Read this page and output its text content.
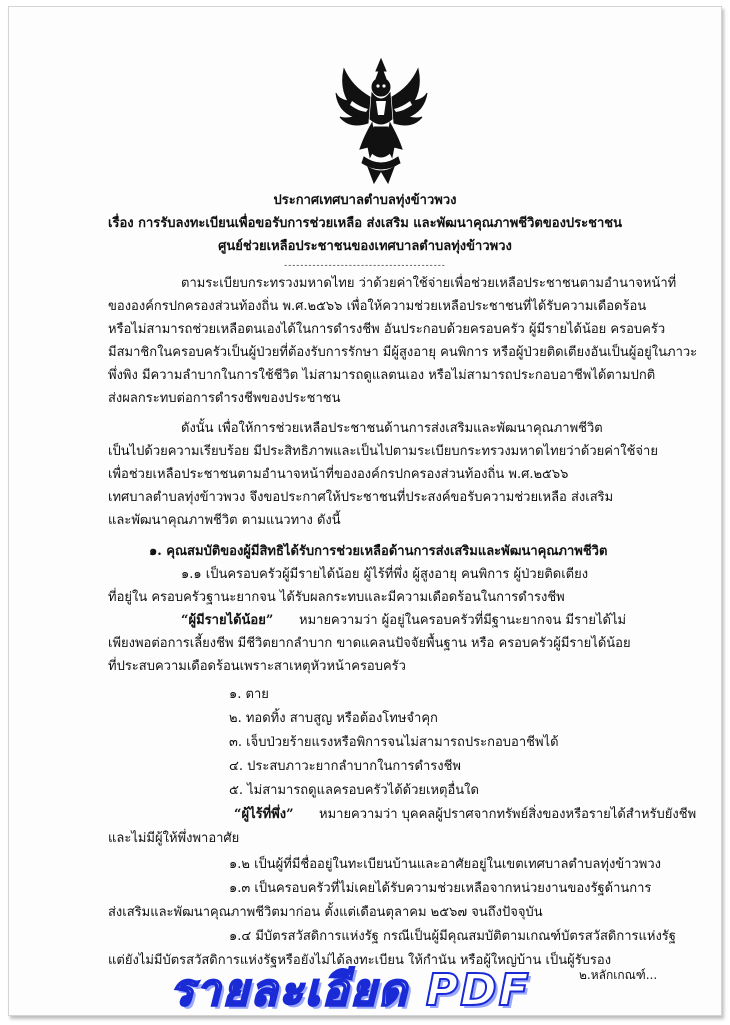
ประกาศเทศบาลตำบลทุ่งข้าวพวง
เรื่อง การรับลงทะเบียนเพื่อขอรับการช่วยเหลือ ส่งเสริม และพัฒนาคุณภาพชีวิตของประชาชน
ศูนย์ช่วยเหลือประชาชนของเทศบาลตำบลทุ่งข้าวพวง
----------------------------------------
ตามระเบียบกระทรวงมหาดไทย ว่าด้วยค่าใช้จ่ายเพื่อช่วยเหลือประชาชนตามอำนาจหน้าที่
ขององค์กรปกครองส่วนท้องถิ่น พ.ศ.๒๕๖๖ เพื่อให้ความช่วยเหลือประชาชนที่ได้รับความเดือดร้อน
หรือไม่สามารถช่วยเหลือตนเองได้ในการดำรงชีพ อันประกอบด้วยครอบครัว ผู้มีรายได้น้อย ครอบครัว
มีสมาชิกในครอบครัวเป็นผู้ป่วยที่ต้องรับการรักษา มีผู้สูงอายุ คนพิการ หรือผู้ป่วยติดเตียงอันเป็นผู้อยู่ในภาวะ
พึ่งพิง มีความลำบากในการใช้ชีวิต ไม่สามารถดูแลตนเอง หรือไม่สามารถประกอบอาชีพได้ตามปกติ
ส่งผลกระทบต่อการดำรงชีพของประชาชน
ดังนั้น เพื่อให้การช่วยเหลือประชาชนด้านการส่งเสริมและพัฒนาคุณภาพชีวิต
เป็นไปด้วยความเรียบร้อย มีประสิทธิภาพและเป็นไปตามระเบียบกระทรวงมหาดไทยว่าด้วยค่าใช้จ่าย
เพื่อช่วยเหลือประชาชนตามอำนาจหน้าที่ขององค์กรปกครองส่วนท้องถิ่น พ.ศ.๒๕๖๖
เทศบาลตำบลทุ่งข้าวพวง จึงขอประกาศให้ประชาชนที่ประสงค์ขอรับความช่วยเหลือ ส่งเสริม
และพัฒนาคุณภาพชีวิต ตามแนวทาง ดังนี้
๑. คุณสมบัติของผู้มีสิทธิได้รับการช่วยเหลือด้านการส่งเสริมและพัฒนาคุณภาพชีวิต
๑.๑ เป็นครอบครัวผู้มีรายได้น้อย ผู้ไร้ที่พึ่ง ผู้สูงอายุ คนพิการ ผู้ป่วยติดเตียง
ที่อยู่ใน ครอบครัวฐานะยากจน ได้รับผลกระทบและมีความเดือดร้อนในการดำรงชีพ
“ผู้มีรายได้น้อย” หมายความว่า ผู้อยู่ในครอบครัวที่มีฐานะยากจน มีรายได้ไม่
เพียงพอต่อการเลี้ยงชีพ มีชีวิตยากลำบาก ขาดแคลนปัจจัยพื้นฐาน หรือ ครอบครัวผู้มีรายได้น้อย
ที่ประสบความเดือดร้อนเพราะสาเหตุหัวหน้าครอบครัว
๑. ตาย
๒. ทอดทิ้ง สาบสูญ หรือต้องโทษจำคุก
๓. เจ็บป่วยร้ายแรงหรือพิการจนไม่สามารถประกอบอาชีพได้
๔. ประสบภาวะยากลำบากในการดำรงชีพ
๕. ไม่สามารถดูแลครอบครัวได้ด้วยเหตุอื่นใด
“ผู้ไร้ที่พึ่ง” หมายความว่า บุคคลผู้ปราศจากทรัพย์สิ่งของหรือรายได้สำหรับยังชีพ
และไม่มีผู้ให้พึ่งพาอาศัย
๑.๒ เป็นผู้ที่มีชื่ออยู่ในทะเบียนบ้านและอาศัยอยู่ในเขตเทศบาลตำบลทุ่งข้าวพวง
๑.๓ เป็นครอบครัวที่ไม่เคยได้รับความช่วยเหลือจากหน่วยงานของรัฐด้านการ
ส่งเสริมและพัฒนาคุณภาพชีวิตมาก่อน ตั้งแต่เดือนตุลาคม ๒๕๖๗ จนถึงปัจจุบัน
๑.๔ มีบัตรสวัสดิการแห่งรัฐ กรณีเป็นผู้มีคุณสมบัติตามเกณฑ์บัตรสวัสดิการแห่งรัฐ
แต่ยังไม่มีบัตรสวัสดิการแห่งรัฐหรือยังไม่ได้ลงทะเบียน ให้กำนัน หรือผู้ใหญ่บ้าน เป็นผู้รับรอง
๒.หลักเกณฑ์...
รายละเอียด PDF
